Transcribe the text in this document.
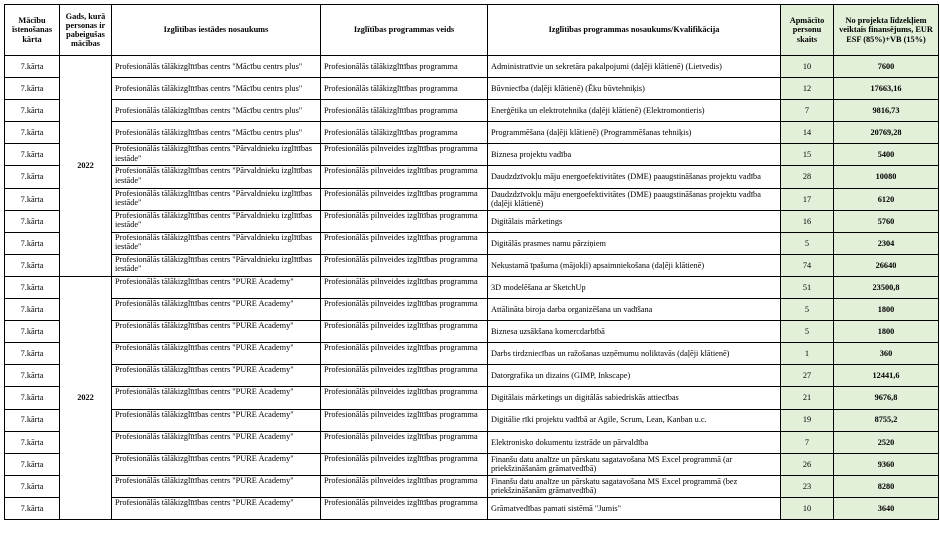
Mācību īstenošanas kārta	Gads, kurā personas ir pabeigušas mācības	Izglītības iestādes nosaukums	Izglītības programmas veids	Izglītības programmas nosaukums/Kvalifikācija	Apmācīto personu skaits	No projekta līdzekļiem veiktais finansējums, EUR ESF (85%)+VB (15%)
7.kārta	2022	Profesionālās tālākizglītības centrs "Mācību centrs plus"	Profesionālās tālākizglītības programma	Administratīvie un sekretāra pakalpojumi (daļēji klātienē) (Lietvedis)	10	7600
7.kārta		Profesionālās tālākizglītības centrs "Mācību centrs plus"	Profesionālās tālākizglītības programma	Būvniecība (daļēji klātienē) (Ēku būvtehniķis)	12	17663,16
7.kārta		Profesionālās tālākizglītības centrs "Mācību centrs plus"	Profesionālās tālākizglītības programma	Enerģētika un elektrotehnika (daļēji klātienē) (Elektromontieris)	7	9816,73
7.kārta		Profesionālās tālākizglītības centrs "Mācību centrs plus"	Profesionālās tālākizglītības programma	Programmēšana (daļēji klātienē) (Programmēšanas tehniķis)	14	20769,28
7.kārta		Profesionālās tālākizglītības centrs "Pārvaldnieku izglītības iestāde"	Profesionālās pilnveides izglītības programma	Biznesa projektu vadība	15	5400
7.kārta		Profesionālās tālākizglītības centrs "Pārvaldnieku izglītības iestāde"	Profesionālās pilnveides izglītības programma	Daudzdzīvokļu māju energoefektivitātes (DME) paaugstināšanas projektu vadība	28	10080
7.kārta		Profesionālās tālākizglītības centrs "Pārvaldnieku izglītības iestāde"	Profesionālās pilnveides izglītības programma	Daudzdzīvokļu māju energoefektivitātes (DME) paaugstināšanas projektu vadība (daļēji klātienē)	17	6120
7.kārta		Profesionālās tālākizglītības centrs "Pārvaldnieku izglītības iestāde"	Profesionālās pilnveides izglītības programma	Digitālais mārketings	16	5760
7.kārta		Profesionālās tālākizglītības centrs "Pārvaldnieku izglītības iestāde"	Profesionālās pilnveides izglītības programma	Digitālās prasmes namu pārziņiem	5	2304
7.kārta		Profesionālās tālākizglītības centrs "Pārvaldnieku izglītības iestāde"	Profesionālās pilnveides izglītības programma	Nekustamā īpašuma (mājokļi) apsaimniekošana (daļēji klātienē)	74	26640
7.kārta	2022	Profesionālās tālākizglītības centrs "PURE Academy"	Profesionālās pilnveides izglītības programma	3D modelēšana ar SketchUp	51	23500,8
7.kārta		Profesionālās tālākizglītības centrs "PURE Academy"	Profesionālās pilnveides izglītības programma	Attālināta biroja darba organizēšana un vadīšana	5	1800
7.kārta		Profesionālās tālākizglītības centrs "PURE Academy"	Profesionālās pilnveides izglītības programma	Biznesa uzsākšana komercdarbībā	5	1800
7.kārta		Profesionālās tālākizglītības centrs "PURE Academy"	Profesionālās pilnveides izglītības programma	Darbs tirdzniecības un ražošanas uzņēmumu noliktavās (daļēji klātienē)	1	360
7.kārta		Profesionālās tālākizglītības centrs "PURE Academy"	Profesionālās pilnveides izglītības programma	Datorgrafika un dizains (GIMP, Inkscape)	27	12441,6
7.kārta		Profesionālās tālākizglītības centrs "PURE Academy"	Profesionālās pilnveides izglītības programma	Digitālais mārketings un digitālās sabiedriskās attiecības	21	9676,8
7.kārta		Profesionālās tālākizglītības centrs "PURE Academy"	Profesionālās pilnveides izglītības programma	Digitālie rīki projektu vadībā ar Agile, Scrum, Lean, Kanban u.c.	19	8755,2
7.kārta		Profesionālās tālākizglītības centrs "PURE Academy"	Profesionālās pilnveides izglītības programma	Elektronisko dokumentu izstrāde un pārvaldība	7	2520
7.kārta		Profesionālās tālākizglītības centrs "PURE Academy"	Profesionālās pilnveides izglītības programma	Finanšu datu analīze un pārskatu sagatavošana MS Excel programmā (ar priekšzināšanām grāmatvedībā)	26	9360
7.kārta		Profesionālās tālākizglītības centrs "PURE Academy"	Profesionālās pilnveides izglītības programma	Finanšu datu analīze un pārskatu sagatavošana MS Excel programmā (bez priekšzināšanām grāmatvedībā)	23	8280
7.kārta		Profesionālās tālākizglītības centrs "PURE Academy"	Profesionālās pilnveides izglītības programma	Grāmatvedības pamati sistēmā "Jumis"	10	3640
